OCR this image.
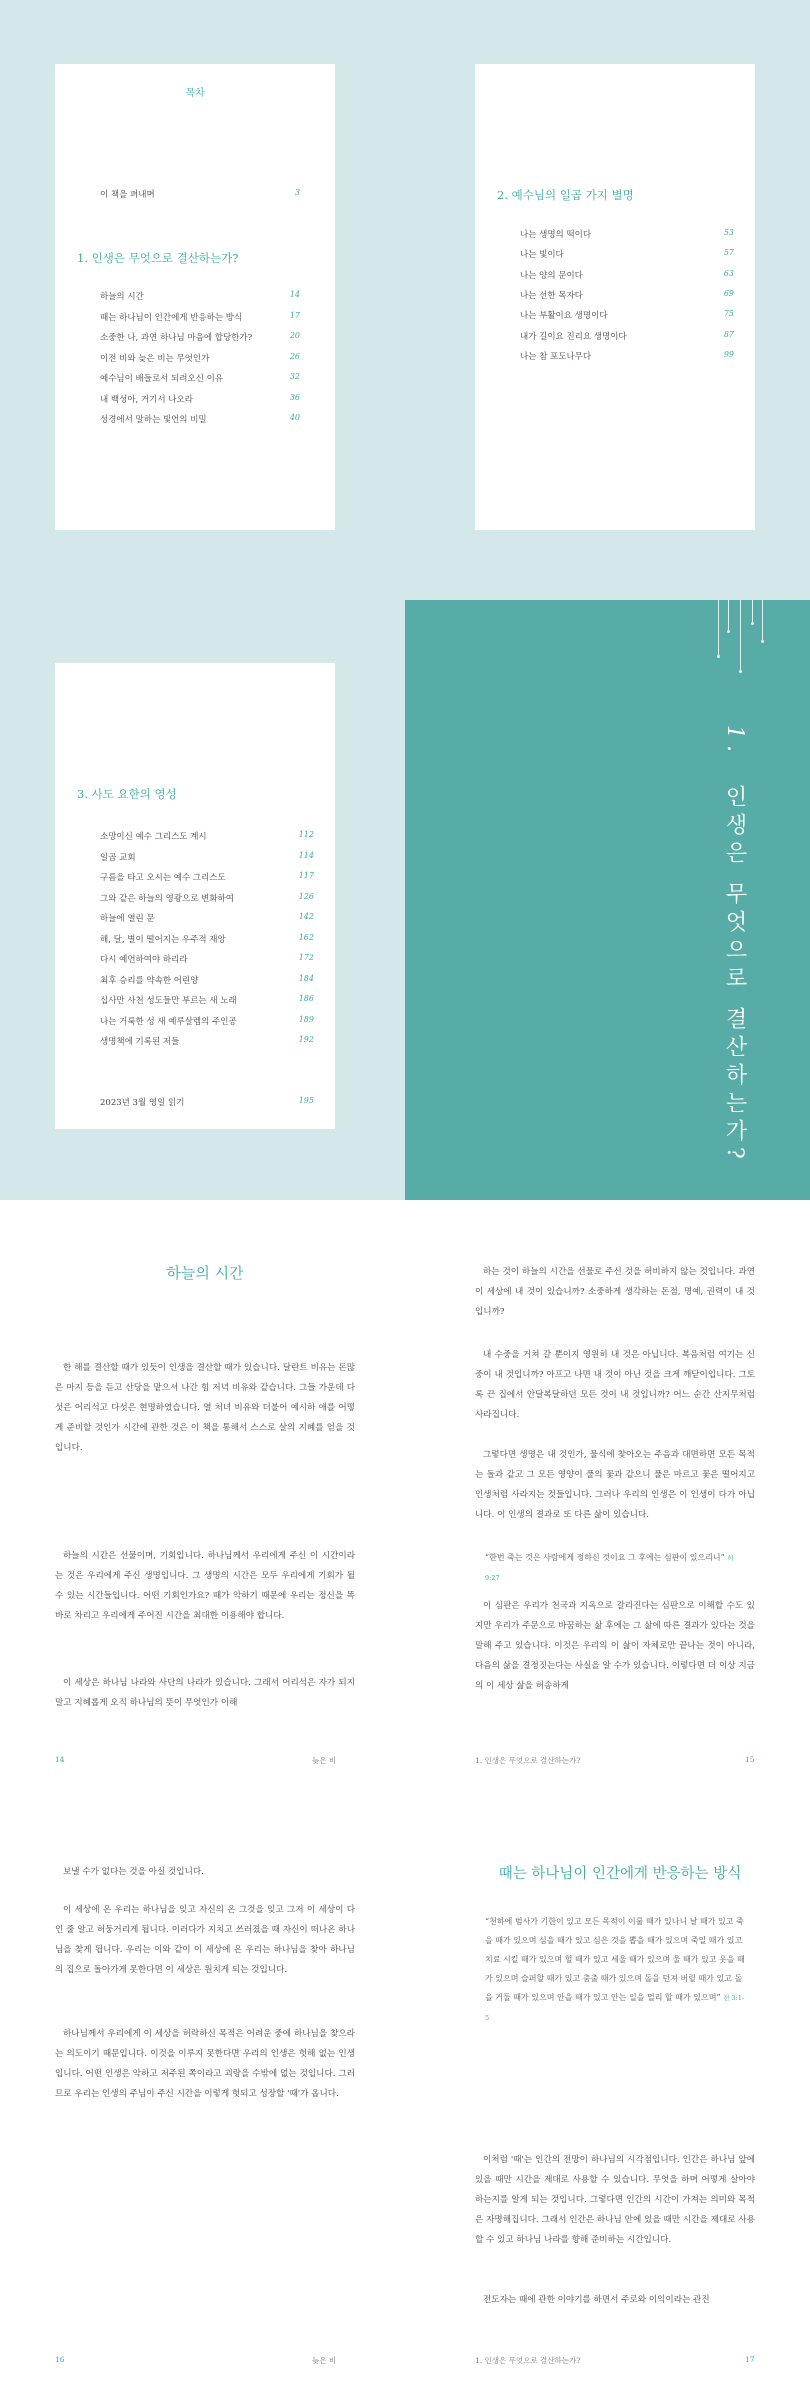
목차
이 책을 펴내며	3
1. 인생은 무엇으로 결산하는가?
하늘의 시간	14
때는 하나님이 인간에게 반응하는 방식	17
소중한 나, 과연 하나님 마음에 합당한가?	20
이전 비와 늦은 비는 무엇인가	26
예수님이 배들로서 되려오신 이유	32
내 백성아, 거기서 나오라	36
성경에서 말하는 빛언의 비밀	40
2. 예수님의 일곱 가지 별명
나는 생명의 떡이다	53
나는 빛이다	57
나는 양의 문이다	63
나는 선한 목자다	69
나는 부활이요 생명이다	75
내가 길이요 진리요 생명이다	87
나는 참 포도나무다	99
3. 사도 요한의 영성
소망이신 예수 그리스도 계시	112
일곱 교회	114
구름을 타고 오시는 예수 그리스도	117
그와 같은 하늘의 영광으로 변화하여	126
하늘에 열린 문	142
해, 달, 별이 떨어지는 우주적 재앙	162
다시 예언하여야 하리라	172
최후 승리를 약속한 어린양	184
십사만 사천 성도들만 부르는 새 노래	186
나는 거룩한 성 새 예루살렘의 주인공	189
생명책에 기록된 저들	192
2023년 3월 영일 읽기	195
1. 인생은 무엇으로 결산하는가?
하늘의 시간
한 해를 결산할 때가 있듯이 인생을 결산할 때가 있습니다. 달란트 비유는 돈많은 마지 등을 듣고 산당을 맡으셔 나간 힘 저녁 비유와 같습니다. 그들 가운데 다섯은 어리석고 다섯은 현명하였습니다. 열 처녀 비유와 더불어 예시하 애를 어떻게 준비할 것인가 시간에 관한 것은 이 책을 통해서 스스로 살의 지혜를 얻을 것입니다.
하늘의 시간은 선물이며, 기회입니다. 하나님께서 우리에게 주신 이 시간이라는 것은 우리에게 주신 생명입니다. 그 생명의 시간은 모두 우리에게 기회가 될 수 있는 시간들입니다. 어떤 기회인가요? 때가 악하기 때문에 우리는 정신을 똑바로 차리고 우리에게 주어진 시간을 최대한 이용해야 합니다.
이 세상은 하나님 나라와 사단의 나라가 있습니다. 그래서 어리석은 자가 되지 말고 지혜롭게 오직 하나님의 뜻이 무엇인가 이해
14	늦은 비
하는 것이 하늘의 시간을 선물로 주신 것을 허비하지 않는 것입니다. 과연 이 세상에 내 것이 있습니까? 소중하게 생각하는 돈점, 명예, 권력이 내 것입니까?
내 수중을 거쳐 갈 뿐이지 영원히 내 것은 아닙니다. 복음처럼 여기는 신중이 내 것입니까? 아프고 나면 내 것이 아닌 것을 크게 깨닫이입니다. 그토록 끈 집에서 안달복달하던 모든 것이 내 것입니까? 어느 순간 산지무처럼 사라집니다.
그렇다면 생명은 내 것인가, 물식에 찾아오는 주음과 대면하면 모든 목적는 돌과 같고 그 모든 영양이 풀의 꽃과 같으니 풀은 마르고 꽃은 떨어지고 인생처럼 사라지는 것들입니다. 그러나 우리의 인생은 이 인생이 다가 아닙니다. 이 인생의 결과로 또 다른 삶이 있습니다.
“한번 죽는 것은 사람에게 정하신 것이요 그 후에는 심판이 있으리니” 히 9:27
이 심판은 우리가 천국과 지옥으로 갈리진다는 심판으로 이해할 수도 있지만 우리가 주문으로 바꿈하는 삶 후에는 그 삶에 따른 결과가 있다는 것을 말해 주고 있습니다. 이것은 우리의 이 삶이 자체로만 끝나는 것이 아니라, 다음의 삶을 결정짓는다는 사실을 알 수가 있습니다. 이렇다면 더 이상 지금의 이 세상 삶을 허송하게
1. 인생은 무엇으로 결산하는가?	15
보낼 수가 없다는 것을 아실 것입니다.
이 세상에 온 우리는 하나님을 잊고 자신의 온 그것을 잊고 그저 이 세상이 다인 줄 알고 허둥거리게 됩니다. 이러다가 지치고 쓰러졌을 때 자신이 떠나온 하나님을 찾게 됩니다. 우리는 이와 같이 이 세상에 온 우리는 하나님을 찾아 하나님의 집으로 돌아가게 못한다면 이 세상은 원치게 되는 것입니다.
하나님께서 우리에게 이 세상을 허락하신 목적은 어려운 중에 하나님을 찾으라는 의도이기 때문입니다. 이것을 이루지 못한다면 우리의 인생은 헛해 없는 인생입니다. 어떤 인생은 악하고 저주된 쪽이라고 괴랑을 수밖에 없는 것입니다. 그러므로 우리는 인생의 주님이 주신 시간을 이렇게 헛되고 성장할 '때'가 옵니다.
16	늦은 비
때는 하나님이 인간에게 반응하는 방식
“천하에 범사가 기한이 있고 모든 목적이 이룰 때가 있나니 날 때가 있고 죽을 때가 있으며 심을 때가 있고 심은 것을 뽑을 때가 있으며 죽일 때가 있고 치료 시킬 때가 있으며 헐 때가 있고 세울 때가 있으며 울 때가 있고 웃을 때가 있으며 슬퍼할 때가 있고 춤출 때가 있으며 돌을 던져 버릴 때가 있고 돌을 거둘 때가 있으며 안을 때가 있고 안는 일을 멀리 할 때가 있으며” 전 3:1-5
이처럼 '때'는 인간의 전망이 하나님의 시각점입니다. 인간은 하나님 앞에 있을 때만 시간을 제대로 사용할 수 있습니다. 무엇을 하며 어떻게 살아야 하는지를 알게 되는 것입니다. 그렇다면 인간의 시간이 가져는 의미와 목적은 자명해집니다. 그래서 인간은 하나님 안에 있을 때만 시간을 제대로 사용할 수 있고 하나님 나라를 향해 준비하는 시간입니다.
전도자는 때에 관한 이야기를 하면서 주로와 이익이라는 관진
1. 인생은 무엇으로 결산하는가?	17
